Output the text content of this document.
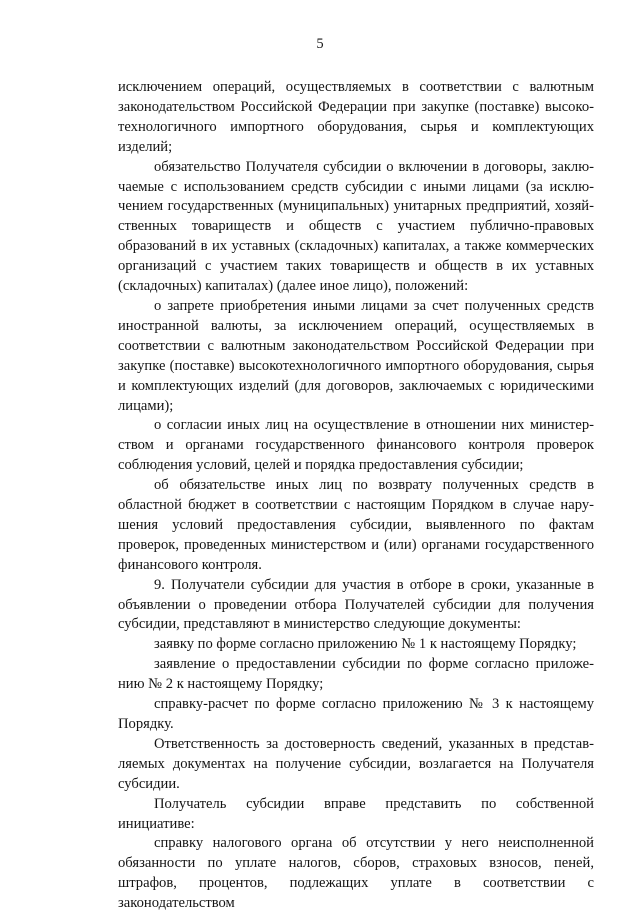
5

исключением операций, осуществляемых в соответствии с валютным законодательством Российской Федерации при закупке (поставке) высокотехнологичного импортного оборудования, сырья и комплектующих изделий;

обязательство Получателя субсидии о включении в договоры, заключаемые с использованием средств субсидии с иными лицами (за исключением государственных (муниципальных) унитарных предприятий, хозяйственных товариществ и обществ с участием публично-правовых образований в их уставных (складочных) капиталах, а также коммерческих организаций с участием таких товариществ и обществ в их уставных (складочных) капиталах) (далее иное лицо), положений:

о запрете приобретения иными лицами за счет полученных средств иностранной валюты, за исключением операций, осуществляемых в соответствии с валютным законодательством Российской Федерации при закупке (поставке) высокотехнологичного импортного оборудования, сырья и комплектующих изделий (для договоров, заключаемых с юридическими лицами);

о согласии иных лиц на осуществление в отношении них министерством и органами государственного финансового контроля проверок соблюдения условий, целей и порядка предоставления субсидии;

об обязательстве иных лиц по возврату полученных средств в областной бюджет в соответствии с настоящим Порядком в случае нарушения условий предоставления субсидии, выявленного по фактам проверок, проведенных министерством и (или) органами государственного финансового контроля.

9. Получатели субсидии для участия в отборе в сроки, указанные в объявлении о проведении отбора Получателей субсидии для получения субсидии, представляют в министерство следующие документы:

заявку по форме согласно приложению № 1 к настоящему Порядку;

заявление о предоставлении субсидии по форме согласно приложению № 2 к настоящему Порядку;

справку-расчет по форме согласно приложению № 3 к настоящему Порядку.

Ответственность за достоверность сведений, указанных в представляемых документах на получение субсидии, возлагается на Получателя субсидии.

Получатель субсидии вправе представить по собственной инициативе:

справку налогового органа об отсутствии у него неисполненной обязанности по уплате налогов, сборов, страховых взносов, пеней, штрафов, процентов, подлежащих уплате в соответствии с законодательством
